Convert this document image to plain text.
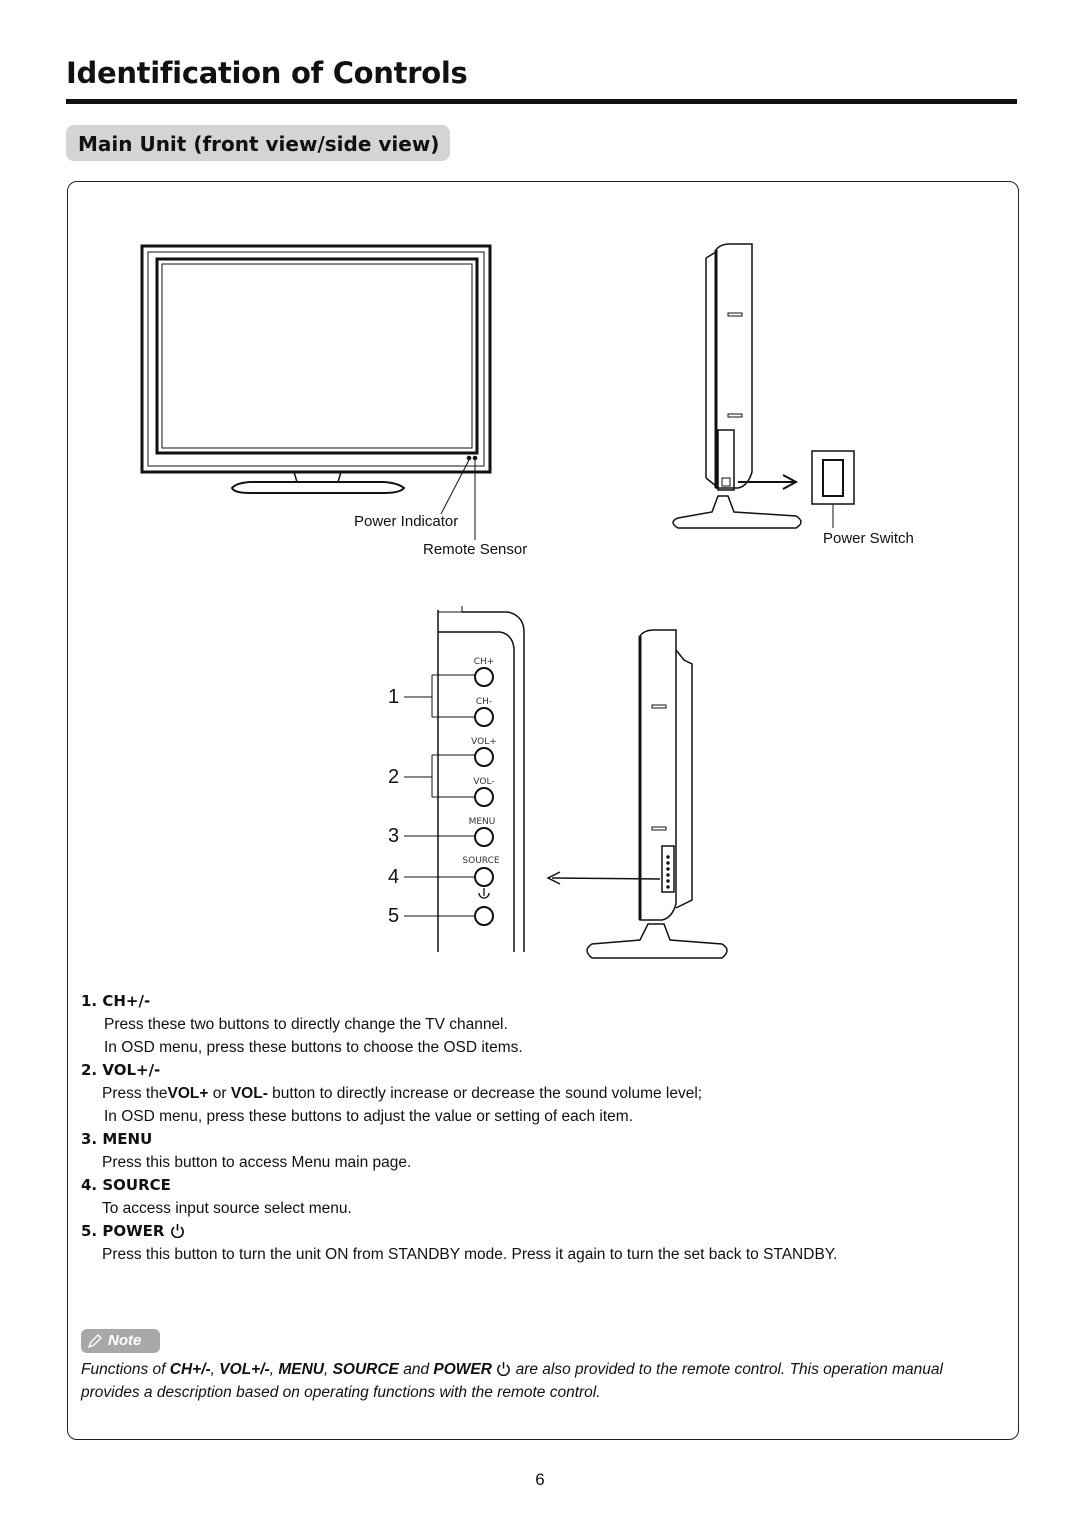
Identification of Controls
Main Unit (front view/side view)
CH+
CH-
VOL+
VOL-
MENU
SOURCE
Power Indicator
Remote Sensor
Power Switch
1
2
3
4
5
1. CH+/-
Press these two buttons to directly change the TV channel.
In OSD menu, press these buttons to choose the OSD items.
2. VOL+/-
Press theVOL+ or VOL- button to directly increase or decrease the sound volume level;
In OSD menu, press these buttons to adjust the value or setting of each item.
3. MENU
Press this button to access Menu main page.
4. SOURCE
To access input source select menu.
5. POWER
Press this button to turn the unit ON from STANDBY mode. Press it again to turn the set back to STANDBY.
Note
Functions of CH+/-, VOL+/-, MENU, SOURCE and POWER are also provided to the remote control. This operation manual provides a description based on operating functions with the remote control.
6
